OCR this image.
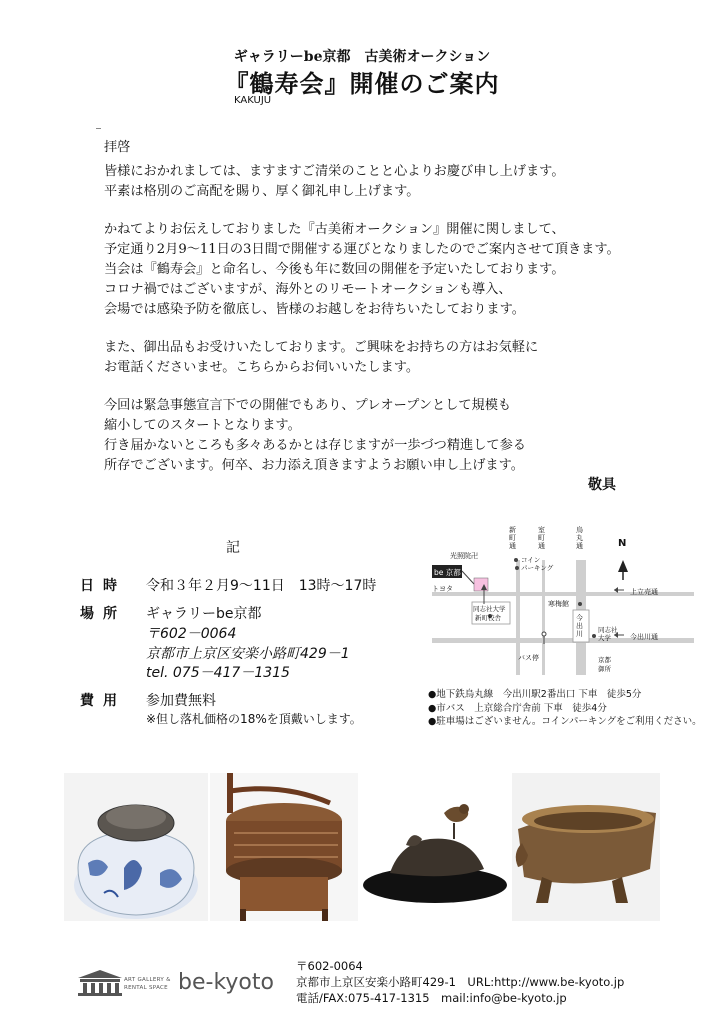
ギャラリーbe京都　古美術オークション
『鶴寿会』開催のご案内
KAKUJU

拝啓

皆様におかれましては、ますますご清栄のことと心よりお慶び申し上げます。

平素は格別のご高配を賜り、厚く御礼申し上げます。

かねてよりお伝えしておりました『古美術オークション』開催に関しまして、

予定通り2月9～11日の3日間で開催する運びとなりましたのでご案内させて頂きます。

当会は『鶴寿会』と命名し、今後も年に数回の開催を予定いたしております。

コロナ禍ではございますが、海外とのリモートオークションも導入、

会場では感染予防を徹底し、皆様のお越しをお待ちいたしております。

また、御出品もお受けいたしております。ご興味をお持ちの方はお気軽に

お電話くださいませ。こちらからお伺いいたします。

今回は緊急事態宣言下での開催でもあり、プレオープンとして規模も

縮小してのスタートとなります。

行き届かないところも多々あるかとは存じますが一歩づつ精進して参る

所存でございます。何卒、お力添え頂きますようお願い申し上げます。

敬具
記
日時 令和３年２月9～11日　13時～17時
場所 ギャラリーbe京都
〒602－0064
京都市上京区安楽小路町429－1
tel. 075－417－1315
費用 参加費無料
※但し落札価格の18%を頂戴いします。
新町通
室町通
烏丸通
上立売通
今出川通
光照院卍	コイン
パーキング
be 京都
トヨタ
寒梅館
同志社大学
新町校舎	今出川	同志社
大学
バス停	京都
御所
N

●地下鉄烏丸線　今出川駅2番出口 下車　徒歩5分

●市バス　上京総合庁舎前 下車　徒歩4分

●駐車場はございません。コインパーキングをご利用ください。

ART GALLERY &
RENTAL SPACE be-kyoto

〒602-0064

京都市上京区安楽小路町429-1　URL:http://www.be-kyoto.jp

電話/FAX:075-417-1315　mail:info@be-kyoto.jp
